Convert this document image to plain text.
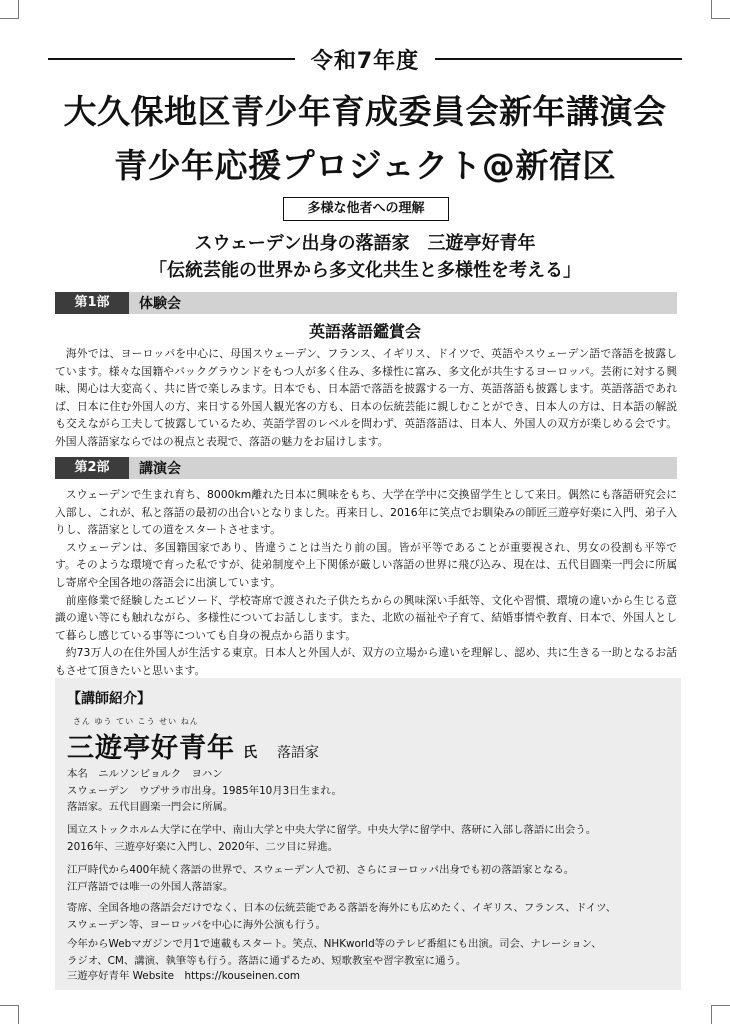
令和7年度
大久保地区青少年育成委員会新年講演会
青少年応援プロジェクト@新宿区
多様な他者への理解
スウェーデン出身の落語家　三遊亭好青年
「伝統芸能の世界から多文化共生と多様性を考える」
第1部	体験会
英語落語鑑賞会

海外では、ヨーロッパを中心に、母国スウェーデン、フランス、イギリス、ドイツで、英語やスウェーデン語で落語を披露しています。様々な国籍やバックグラウンドをもつ人が多く住み、多様性に富み、多文化が共生するヨーロッパ。芸術に対する興味、関心は大変高く、共に皆で楽しみます。日本でも、日本語で落語を披露する一方、英語落語も披露します。英語落語であれば、日本に住む外国人の方、来日する外国人観光客の方も、日本の伝統芸能に親しむことができ、日本人の方は、日本語の解説も交えながら工夫して披露しているため、英語学習のレベルを問わず、英語落語は、日本人、外国人の双方が楽しめる会です。外国人落語家ならではの視点と表現で、落語の魅力をお届けします。

第2部	講演会

スウェーデンで生まれ育ち、8000km離れた日本に興味をもち、大学在学中に交換留学生として来日。偶然にも落語研究会に入部し、これが、私と落語の最初の出合いとなりました。再来日し、2016年に笑点でお馴染みの師匠三遊亭好楽に入門、弟子入りし、落語家としての道をスタートさせます。

スウェーデンは、多国籍国家であり、皆違うことは当たり前の国。皆が平等であることが重要視され、男女の役割も平等です。そのような環境で育った私ですが、徒弟制度や上下関係が厳しい落語の世界に飛び込み、現在は、五代目圓楽一門会に所属し寄席や全国各地の落語会に出演しています。

前座修業で経験したエピソード、学校寄席で渡された子供たちからの興味深い手紙等、文化や習慣、環境の違いから生じる意識の違い等にも触れながら、多様性についてお話しします。また、北欧の福祉や子育て、結婚事情や教育、日本で、外国人として暮らし感じている事等についても自身の視点から語ります。

約73万人の在住外国人が生活する東京。日本人と外国人が、双方の立場から違いを理解し、認め、共に生きる一助となるお話もさせて頂きたいと思います。

【講師紹介】
さん ゆう てい こう せい ねん
三遊亭好青年 氏 落語家

本名　ニルソンビョルク　ヨハン

スウェーデン　ウプサラ市出身。1985年10月3日生まれ。

落語家。五代目圓楽一門会に所属。

国立ストックホルム大学に在学中、南山大学と中央大学に留学。中央大学に留学中、落研に入部し落語に出会う。

2016年、三遊亭好楽に入門し、2020年、二ツ目に昇進。

江戸時代から400年続く落語の世界で、スウェーデン人で初、さらにヨーロッパ出身でも初の落語家となる。

江戸落語では唯一の外国人落語家。

寄席、全国各地の落語会だけでなく、日本の伝統芸能である落語を海外にも広めたく、イギリス、フランス、ドイツ、

スウェーデン等、ヨーロッパを中心に海外公演も行う。

今年からWebマガジンで月1で連載もスタート。笑点、NHKworld等のテレビ番組にも出演。司会、ナレーション、

ラジオ、CM、講演、執筆等も行う。落語に通ずるため、短歌教室や習字教室に通う。

三遊亭好青年 Website　https://kouseinen.com
